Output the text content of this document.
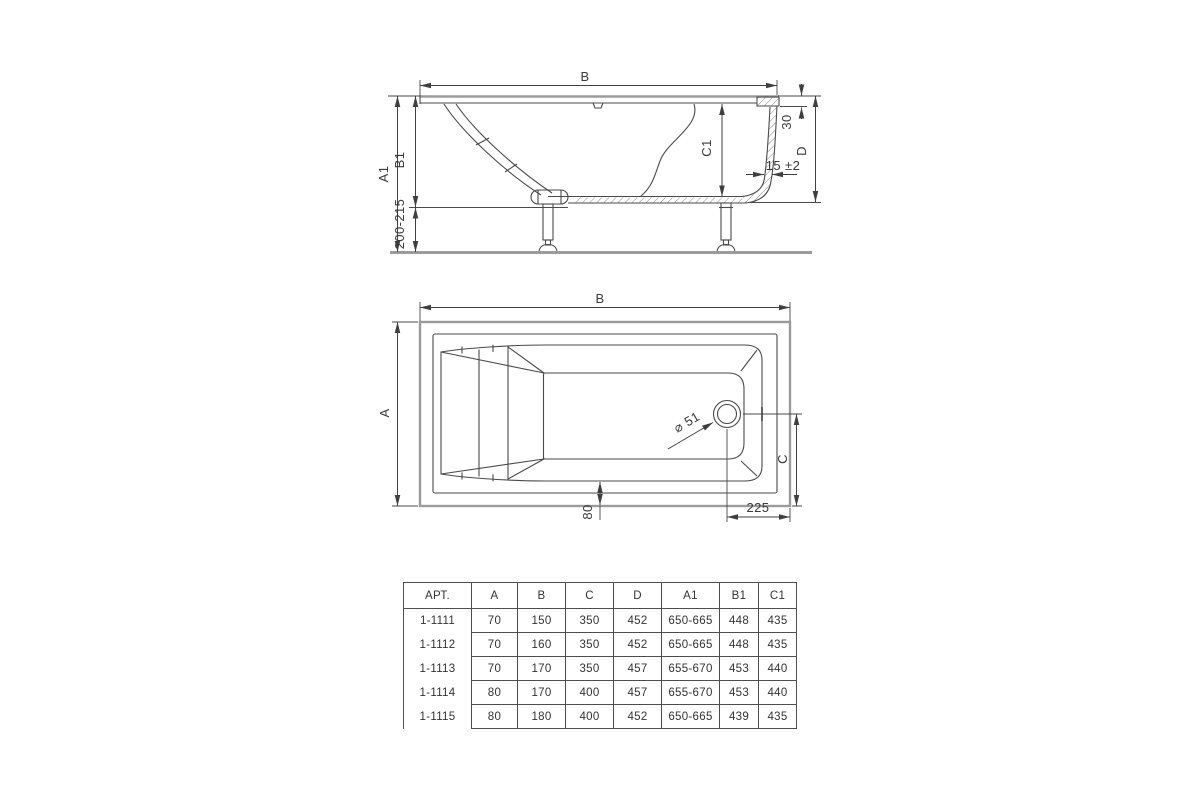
B
A1
B1
200-215
C1
30
D
15 ±2
⌀ 51
B
A
C
225
80
АРТ.	A	B	C	D	A1	B1	C1
1-1111	70	150	350	452	650-665	448	435
1-1112	70	160	350	452	650-665	448	435
1-1113	70	170	350	457	655-670	453	440
1-1114	80	170	400	457	655-670	453	440
1-1115	80	180	400	452	650-665	439	435
